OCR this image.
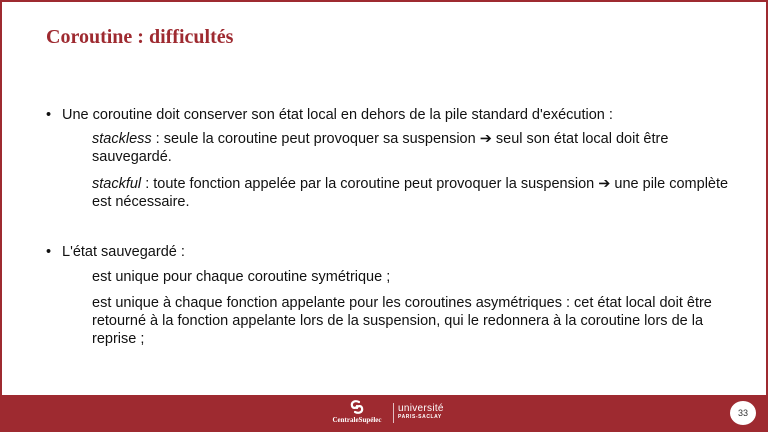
Coroutine : difficultés
• Une coroutine doit conserver son état local en dehors de la pile standard d'exécution :

stackless : seule la coroutine peut provoquer sa suspension ➔ seul son état local doit être sauvegardé.

stackful : toute fonction appelée par la coroutine peut provoquer la suspension ➔ une pile complète est nécessaire.

• L'état sauvegardé :

est unique pour chaque coroutine symétrique ;

est unique à chaque fonction appelante pour les coroutines asymétriques : cet état local doit être retourné à la fonction appelante lors de la suspension, qui le redonnera à la coroutine lors de la reprise ;

CentraleSupélec
université
PARIS-SACLAY	33
